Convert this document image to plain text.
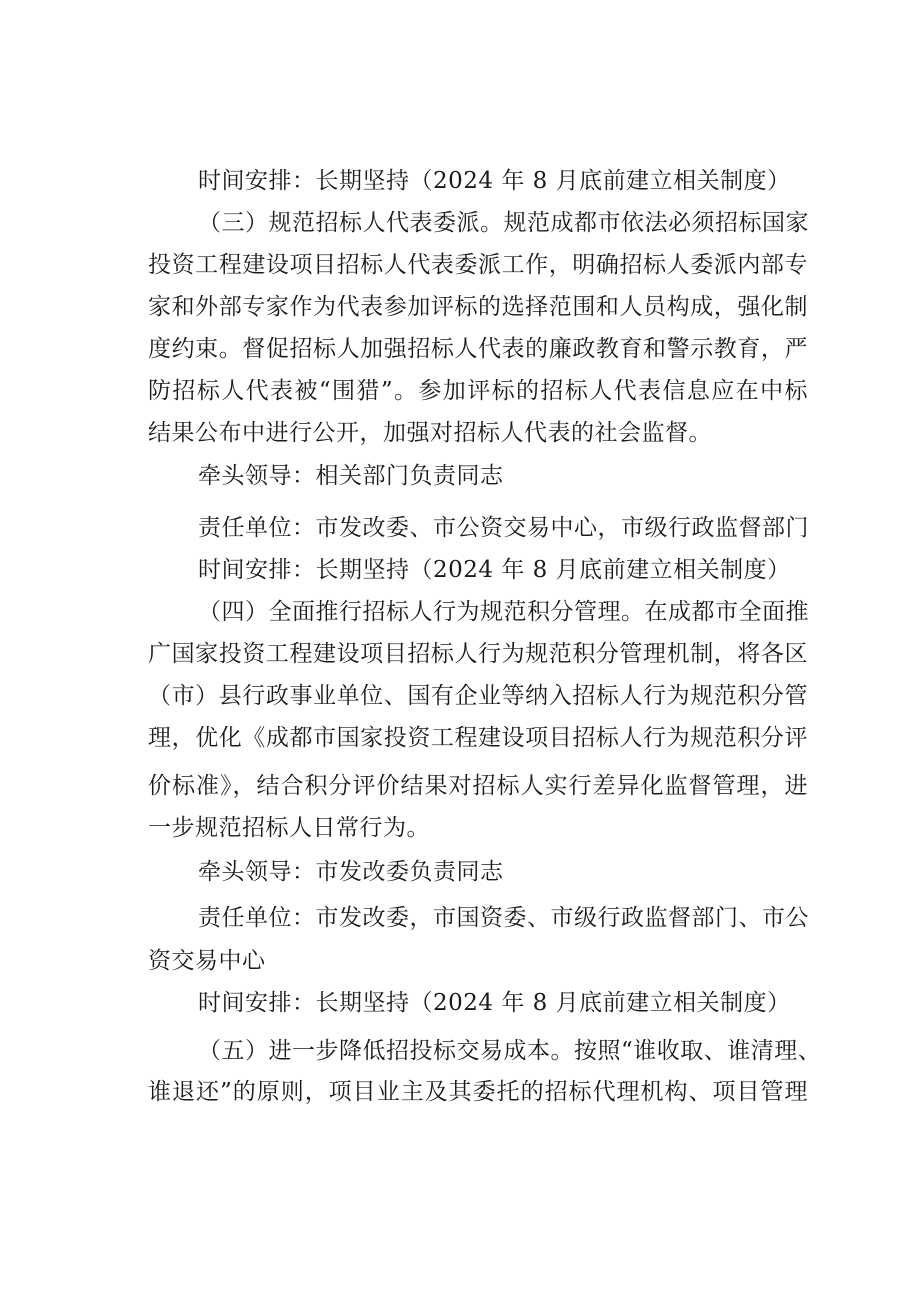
时间安排：长期坚持（2024 年 8 月底前建立相关制度）
（三）规范招标人代表委派。规范成都市依法必须招标国家
投资工程建设项目招标人代表委派工作，明确招标人委派内部专
家和外部专家作为代表参加评标的选择范围和人员构成，强化制
度约束。督促招标人加强招标人代表的廉政教育和警示教育，严
防招标人代表被“围猎”。参加评标的招标人代表信息应在中标
结果公布中进行公开，加强对招标人代表的社会监督。
牵头领导：相关部门负责同志
责任单位：市发改委、市公资交易中心，市级行政监督部门
时间安排：长期坚持（2024 年 8 月底前建立相关制度）
（四）全面推行招标人行为规范积分管理。在成都市全面推
广国家投资工程建设项目招标人行为规范积分管理机制，将各区
（市）县行政事业单位、国有企业等纳入招标人行为规范积分管
理，优化《成都市国家投资工程建设项目招标人行为规范积分评
价标准》，结合积分评价结果对招标人实行差异化监督管理，进
一步规范招标人日常行为。
牵头领导：市发改委负责同志
责任单位：市发改委，市国资委、市级行政监督部门、市公
资交易中心
时间安排：长期坚持（2024 年 8 月底前建立相关制度）
（五）进一步降低招投标交易成本。按照“谁收取、谁清理、
谁退还”的原则，项目业主及其委托的招标代理机构、项目管理
